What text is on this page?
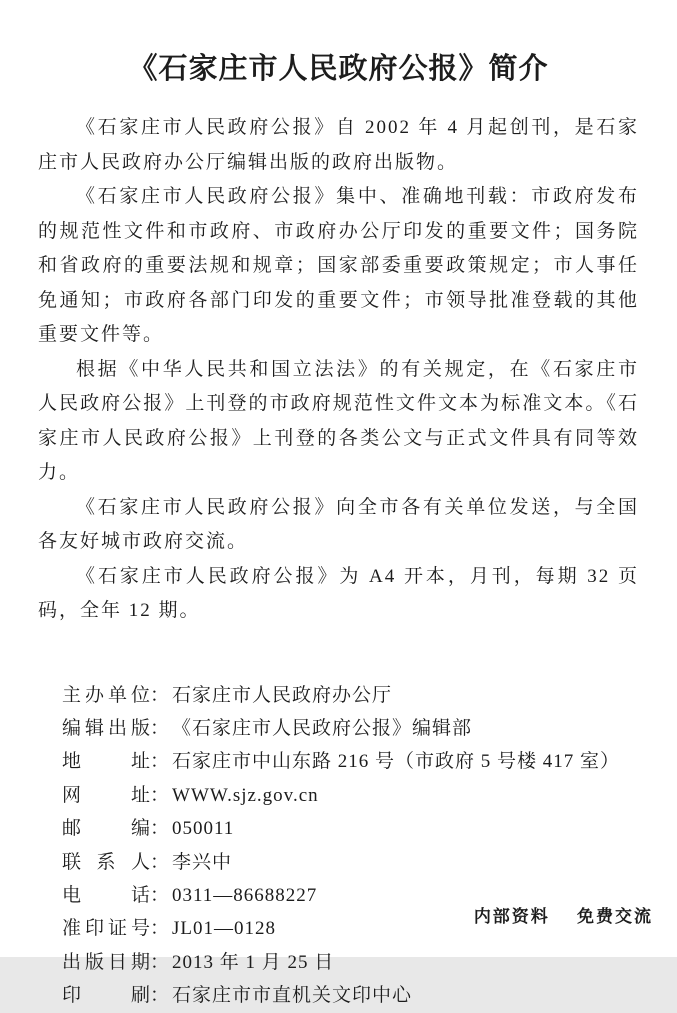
《石家庄市人民政府公报》简介

《石家庄市人民政府公报》自 2002 年 4 月起创刊，是石家庄市人民政府办公厅编辑出版的政府出版物。

《石家庄市人民政府公报》集中、准确地刊载：市政府发布的规范性文件和市政府、市政府办公厅印发的重要文件；国务院和省政府的重要法规和规章；国家部委重要政策规定；市人事任免通知；市政府各部门印发的重要文件；市领导批准登载的其他重要文件等。

根据《中华人民共和国立法法》的有关规定，在《石家庄市人民政府公报》上刊登的市政府规范性文件文本为标准文本。《石家庄市人民政府公报》上刊登的各类公文与正式文件具有同等效力。

《石家庄市人民政府公报》向全市各有关单位发送，与全国各友好城市政府交流。

《石家庄市人民政府公报》为 A4 开本，月刊，每期 32 页码，全年 12 期。

主办单位 ： 石家庄市人民政府办公厅
编辑出版 ： 《石家庄市人民政府公报》编辑部
地址 ： 石家庄市中山东路 216 号（市政府 5 号楼 417 室）
网址 ： WWW.sjz.gov.cn
邮编 ： 050011
联系人 ： 李兴中
电话 ： 0311—86688227
准印证号 ： JL01—0128
出版日期 ： 2013 年 1 月 25 日
印刷 ： 石家庄市市直机关文印中心
内部资料 免费交流
